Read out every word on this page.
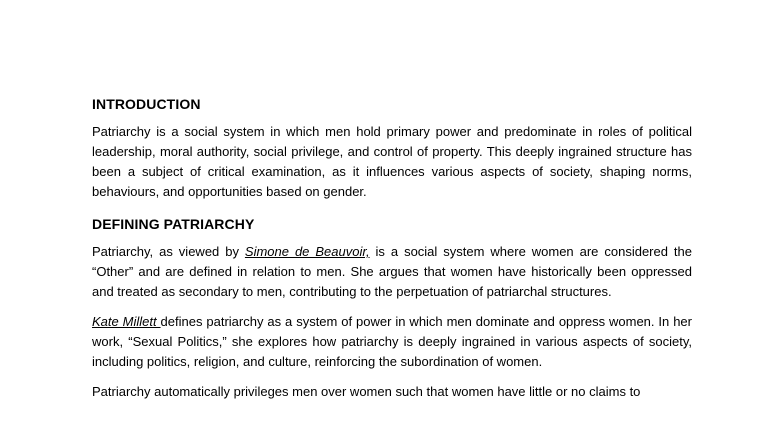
INTRODUCTION

Patriarchy is a social system in which men hold primary power and predominate in roles of political leadership, moral authority, social privilege, and control of property. This deeply ingrained structure has been a subject of critical examination, as it influences various aspects of society, shaping norms, behaviours, and opportunities based on gender.

DEFINING PATRIARCHY

Patriarchy, as viewed by Simone de Beauvoir, is a social system where women are considered the “Other” and are defined in relation to men. She argues that women have historically been oppressed and treated as secondary to men, contributing to the perpetuation of patriarchal structures.

Kate Millett defines patriarchy as a system of power in which men dominate and oppress women. In her work, “Sexual Politics,” she explores how patriarchy is deeply ingrained in various aspects of society, including politics, religion, and culture, reinforcing the subordination of women.

Patriarchy automatically privileges men over women such that women have little or no claims to
